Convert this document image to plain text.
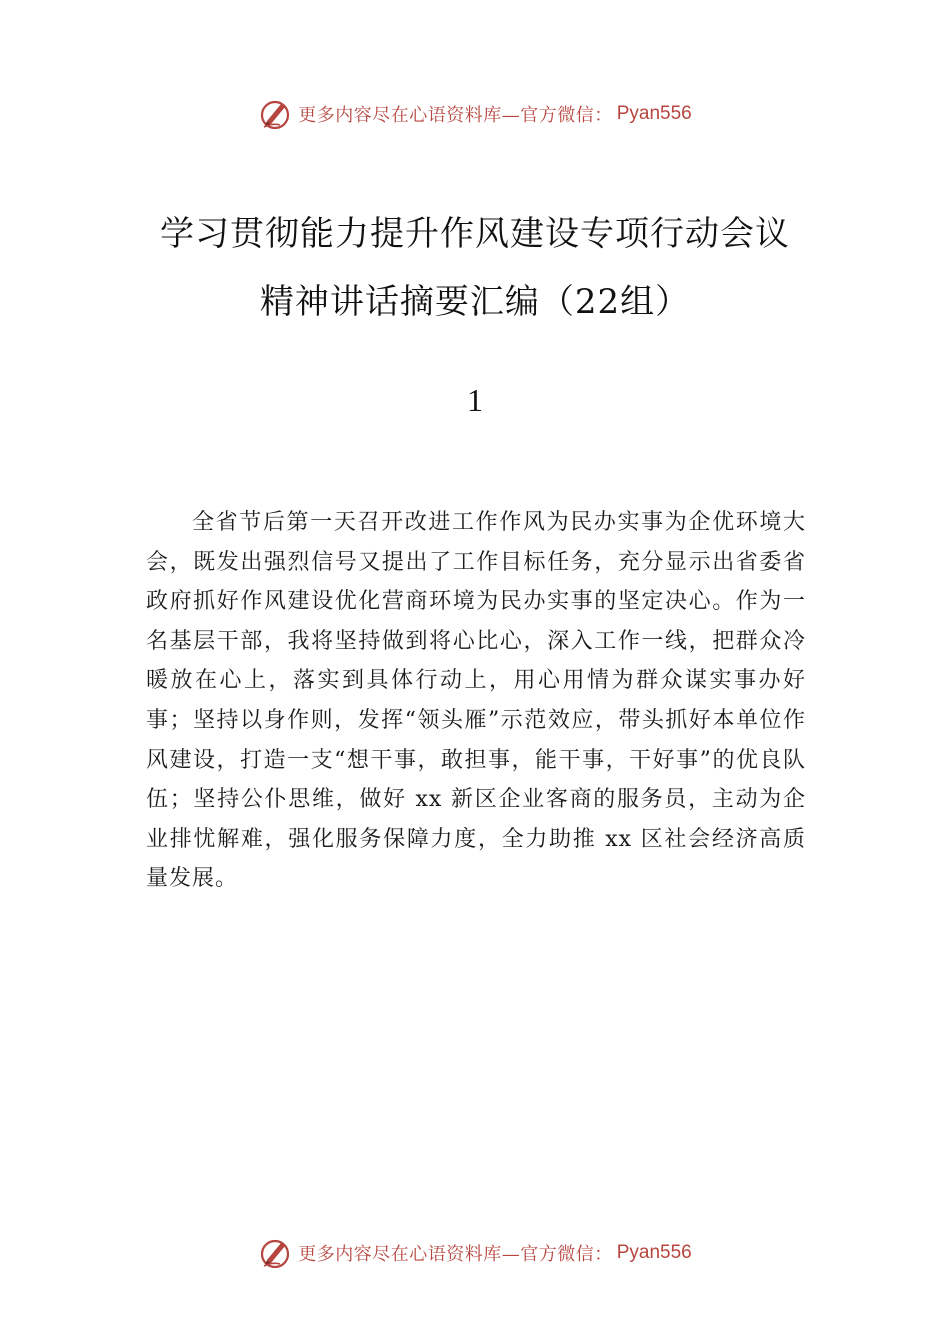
更多内容尽在心语资料库—官方微信： Pyan556
学习贯彻能力提升作风建设专项行动会议
精神讲话摘要汇编（22组）
1

全省节后第一天召开改进工作作风为民办实事为企优环境大会，既发出强烈信号又提出了工作目标任务，充分显示出省委省政府抓好作风建设优化营商环境为民办实事的坚定决心。作为一名基层干部，我将坚持做到将心比心，深入工作一线，把群众冷暖放在心上，落实到具体行动上，用心用情为群众谋实事办好事；坚持以身作则，发挥“领头雁”示范效应，带头抓好本单位作风建设，打造一支“想干事，敢担事，能干事，干好事”的优良队伍；坚持公仆思维，做好 xx 新区企业客商的服务员，主动为企业排忧解难，强化服务保障力度，全力助推 xx 区社会经济高质量发展。

更多内容尽在心语资料库—官方微信： Pyan556
